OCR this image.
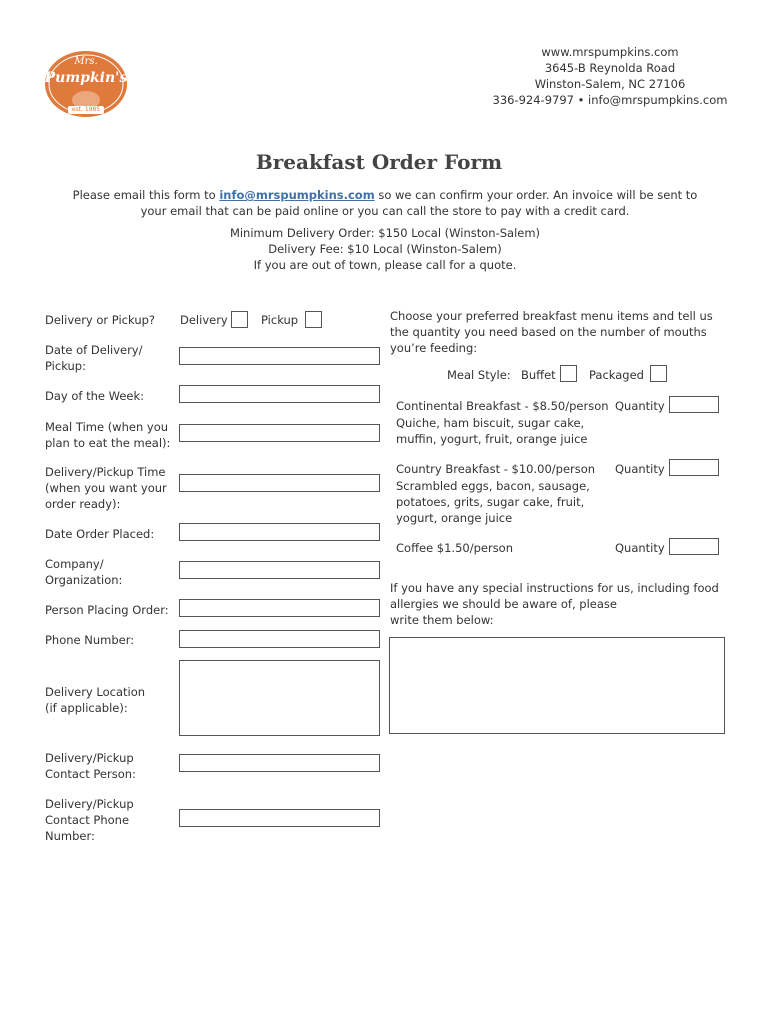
Mrs.
Pumpkin's
est. 1985
www.mrspumpkins.com
3645-B Reynolda Road
Winston-Salem, NC 27106
336-924-9797 • info@mrspumpkins.com
Breakfast Order Form
Please email this form to info@mrspumpkins.com so we can confirm your order. An invoice will be sent to
your email that can be paid online or you can call the store to pay with a credit card.
Minimum Delivery Order: $150 Local (Winston-Salem)
Delivery Fee: $10 Local (Winston-Salem)
If you are out of town, please call for a quote.
Delivery or Pickup? Delivery	Pickup
Date of Delivery/
Pickup:
Day of the Week:
Meal Time (when you
plan to eat the meal):
Delivery/Pickup Time
(when you want your
order ready):
Date Order Placed:
Company/
Organization:
Person Placing Order:
Phone Number:
Delivery Location
(if applicable):
Delivery/Pickup
Contact Person:
Delivery/Pickup
Contact Phone
Number:
Choose your preferred breakfast menu items and tell us
the quantity you need based on the number of mouths
you’re feeding:
Meal Style: Buffet	Packaged
Continental Breakfast - $8.50/person Quantity
Quiche, ham biscuit, sugar cake,
muffin, yogurt, fruit, orange juice
Country Breakfast - $10.00/person Quantity
Scrambled eggs, bacon, sausage,
potatoes, grits, sugar cake, fruit,
yogurt, orange juice
Coffee $1.50/person	Quantity
If you have any special instructions for us, including food
allergies we should be aware of, please
write them below:
